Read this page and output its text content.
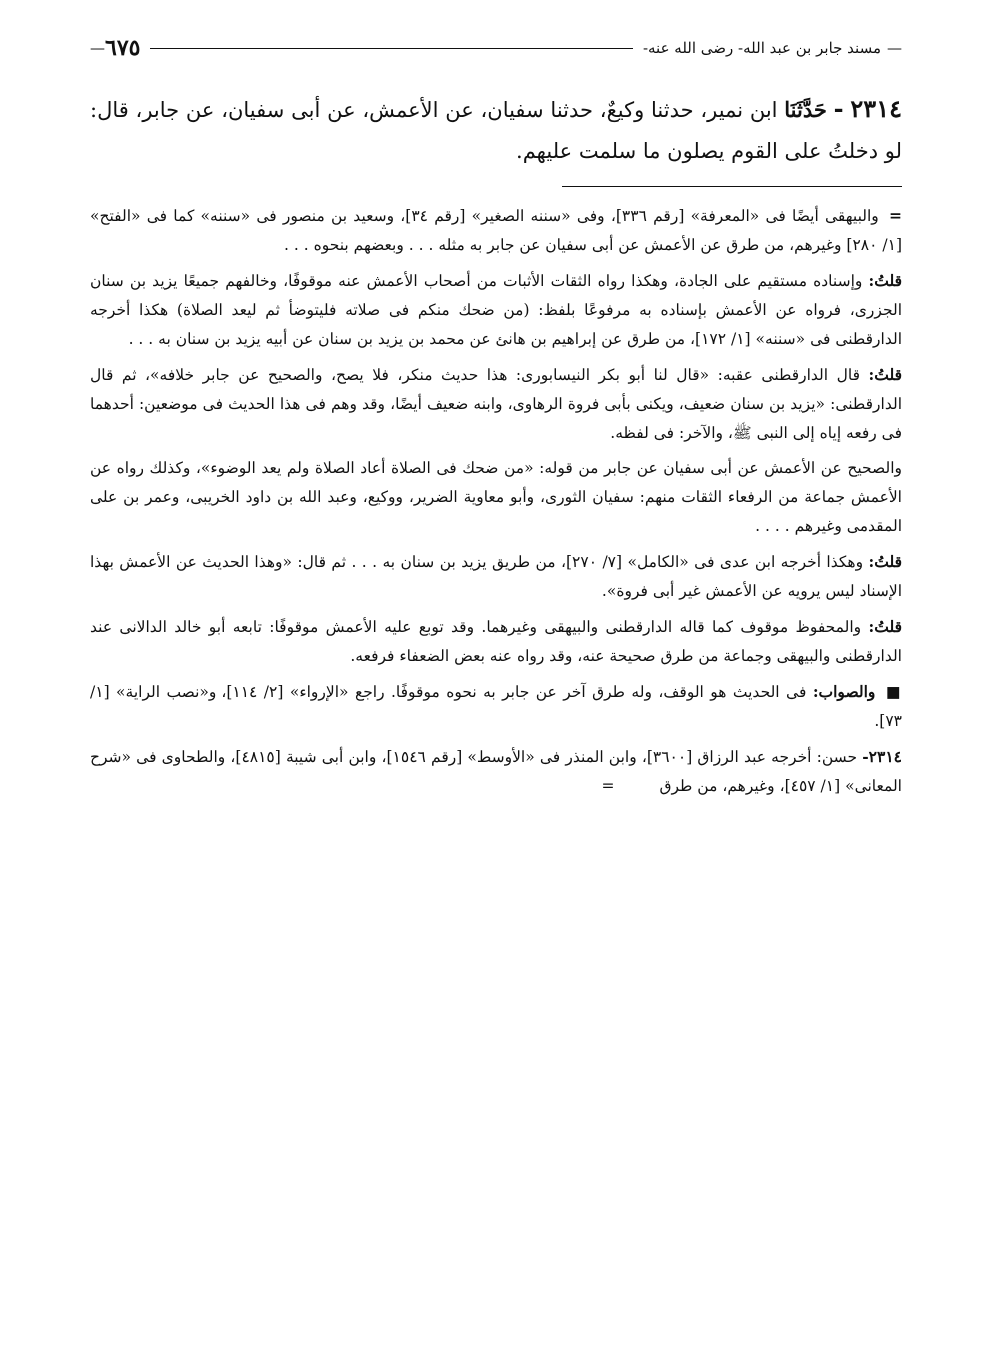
—
مسند جابر بن عبد الله- رضى الله عنه-
٦٧٥
—
٢٣١٤ - حَدَّثَنَا ابن نمير، حدثنا وكيعٌ، حدثنا سفيان، عن الأعمش، عن أبى سفيان، عن جابر، قال: لو دخلتُ على القوم يصلون ما سلمت عليهم.

= والبيهقى أيضًا فى «المعرفة» [رقم ٣٣٦]، وفى «سننه الصغير» [رقم ٣٤]، وسعيد بن منصور فى «سننه» كما فى «الفتح» [١/ ٢٨٠] وغيرهم، من طرق عن الأعمش عن أبى سفيان عن جابر به مثله . . . وبعضهم بنحوه . . .

قلتُ: وإسناده مستقيم على الجادة، وهكذا رواه الثقات الأثبات من أصحاب الأعمش عنه موقوفًا، وخالفهم جميعًا يزيد بن سنان الجزرى، فرواه عن الأعمش بإسناده به مرفوعًا بلفظ: (من ضحك منكم فى صلاته فليتوضأ ثم ليعد الصلاة) هكذا أخرجه الدارقطنى فى «سننه» [١/ ١٧٢]، من طرق عن إبراهيم بن هانئ عن محمد بن يزيد بن سنان عن أبيه يزيد بن سنان به . . .

قلتُ: قال الدارقطنى عقبه: «قال لنا أبو بكر النيسابورى: هذا حديث منكر، فلا يصح، والصحيح عن جابر خلافه»، ثم قال الدارقطنى: «يزيد بن سنان ضعيف، ويكنى بأبى فروة الرهاوى، وابنه ضعيف أيضًا، وقد وهم فى هذا الحديث فى موضعين: أحدهما فى رفعه إياه إلى النبى ﷺ، والآخر: فى لفظه.

والصحيح عن الأعمش عن أبى سفيان عن جابر من قوله: «من ضحك فى الصلاة أعاد الصلاة ولم يعد الوضوء»، وكذلك رواه عن الأعمش جماعة من الرفعاء الثقات منهم: سفيان الثورى، وأبو معاوية الضرير، ووكيع، وعبد الله بن داود الخريبى، وعمر بن على المقدمى وغيرهم . . . .

قلتُ: وهكذا أخرجه ابن عدى فى «الكامل» [٧/ ٢٧٠]، من طريق يزيد بن سنان به . . . ثم قال: «وهذا الحديث عن الأعمش بهذا الإسناد ليس يرويه عن الأعمش غير أبى فروة».

قلتُ: والمحفوظ موقوف كما قاله الدارقطنى والبيهقى وغيرهما. وقد توبع عليه الأعمش موقوفًا: تابعه أبو خالد الدالانى عند الدارقطنى والبيهقى وجماعة من طرق صحيحة عنه، وقد رواه عنه بعض الضعفاء فرفعه.

■ والصواب: فى الحديث هو الوقف، وله طرق آخر عن جابر به نحوه موقوفًا. راجع «الإرواء» [٢/ ١١٤]، و«نصب الراية» [١/ ٧٣].

٢٣١٤- حسن: أخرجه عبد الرزاق [٣٦٠٠]، وابن المنذر فى «الأوسط» [رقم ١٥٤٦]، وابن أبى شيبة [٤٨١٥]، والطحاوى فى «شرح المعانى» [١/ ٤٥٧]، وغيرهم، من طرق =
